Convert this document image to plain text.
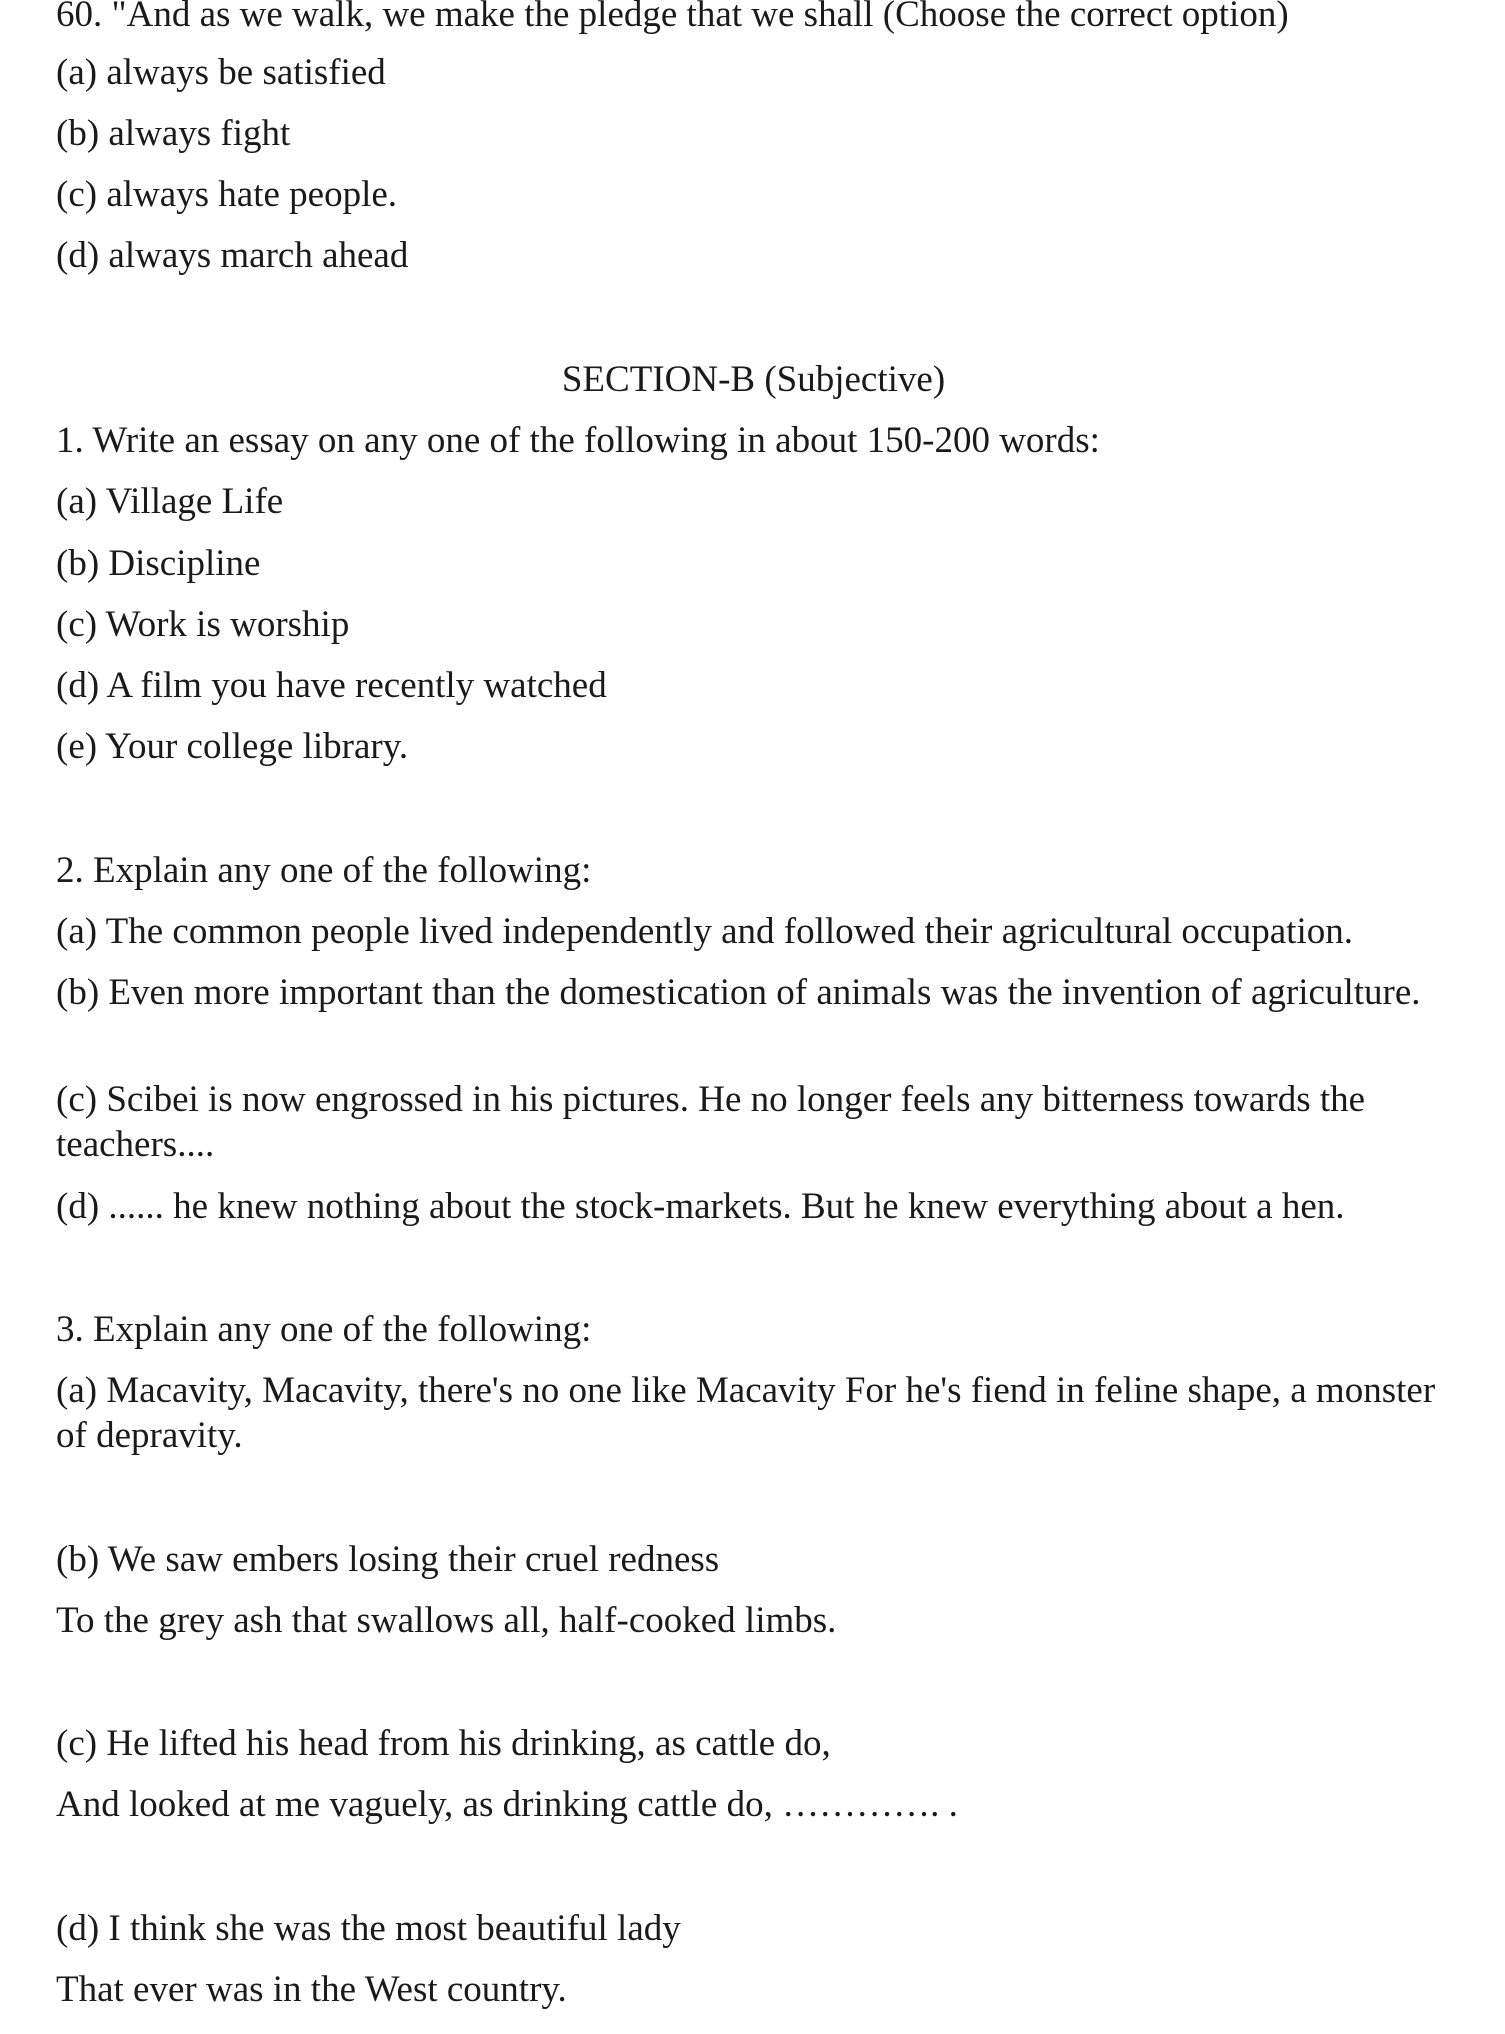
60. "And as we walk, we make the pledge that we shall (Choose the correct option)
(a) always be satisfied
(b) always fight
(c) always hate people.
(d) always march ahead
SECTION-B (Subjective)
1. Write an essay on any one of the following in about 150-200 words:
(a) Village Life
(b) Discipline
(c) Work is worship
(d) A film you have recently watched
(e) Your college library.
2. Explain any one of the following:
(a) The common people lived independently and followed their agricultural occupation.
(b) Even more important than the domestication of animals was the invention of agriculture.
(c) Scibei is now engrossed in his pictures. He no longer feels any bitterness towards the teachers....
(d) ...... he knew nothing about the stock-markets. But he knew everything about a hen.
3. Explain any one of the following:
(a) Macavity, Macavity, there's no one like Macavity For he's fiend in feline shape, a monster of depravity.
(b) We saw embers losing their cruel redness
To the grey ash that swallows all, half-cooked limbs.
(c) He lifted his head from his drinking, as cattle do,
And looked at me vaguely, as drinking cattle do, …………. .
(d) I think she was the most beautiful lady
That ever was in the West country.
